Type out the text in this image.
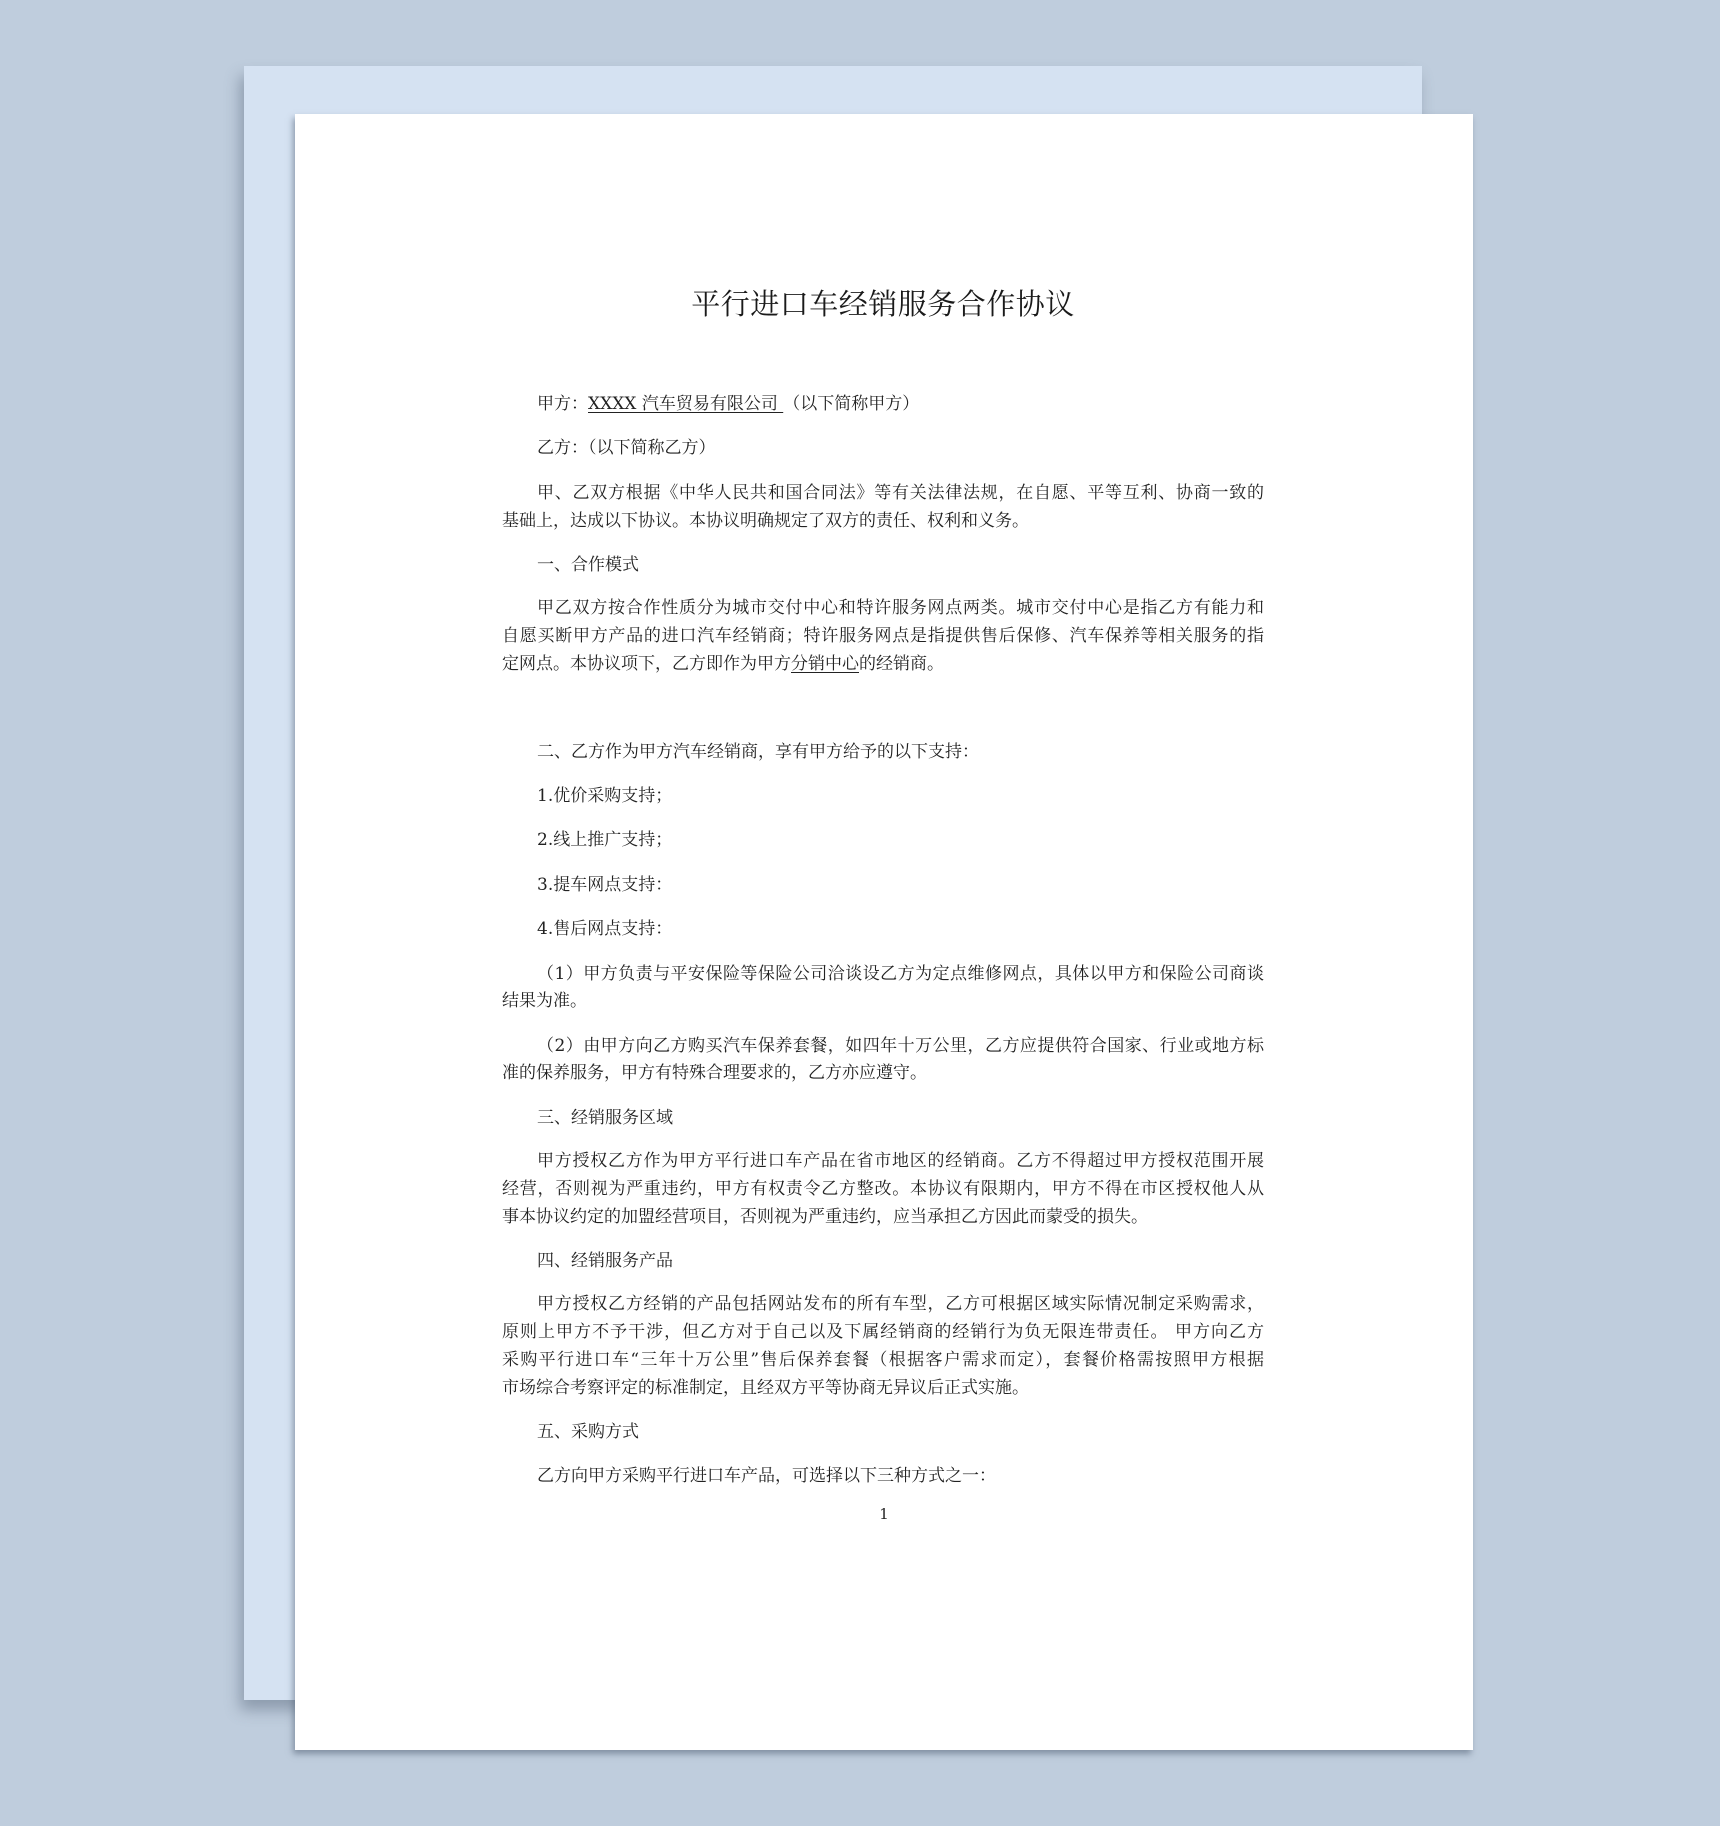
平行进口车经销服务合作协议
甲方：XXXX 汽车贸易有限公司 （以下简称甲方）
乙方：（以下简称乙方）
甲、乙双方根据《中华人民共和国合同法》等有关法律法规，在自愿、平等互利、协商一致的
基础上，达成以下协议。本协议明确规定了双方的责任、权利和义务。
一、合作模式
甲乙双方按合作性质分为城市交付中心和特许服务网点两类。城市交付中心是指乙方有能力和
自愿买断甲方产品的进口汽车经销商；特许服务网点是指提供售后保修、汽车保养等相关服务的指
定网点。本协议项下，乙方即作为甲方分销中心的经销商。
二、乙方作为甲方汽车经销商，享有甲方给予的以下支持：
1.优价采购支持；
2.线上推广支持；
3.提车网点支持：
4.售后网点支持：
（1）甲方负责与平安保险等保险公司洽谈设乙方为定点维修网点，具体以甲方和保险公司商谈
结果为准。
（2）由甲方向乙方购买汽车保养套餐，如四年十万公里，乙方应提供符合国家、行业或地方标
准的保养服务，甲方有特殊合理要求的，乙方亦应遵守。
三、经销服务区域
甲方授权乙方作为甲方平行进口车产品在省市地区的经销商。乙方不得超过甲方授权范围开展
经营，否则视为严重违约，甲方有权责令乙方整改。本协议有限期内，甲方不得在市区授权他人从
事本协议约定的加盟经营项目，否则视为严重违约，应当承担乙方因此而蒙受的损失。
四、经销服务产品
甲方授权乙方经销的产品包括网站发布的所有车型，乙方可根据区域实际情况制定采购需求，
原则上甲方不予干涉，但乙方对于自己以及下属经销商的经销行为负无限连带责任。 甲方向乙方
采购平行进口车“三年十万公里”售后保养套餐（根据客户需求而定），套餐价格需按照甲方根据
市场综合考察评定的标准制定，且经双方平等协商无异议后正式实施。
五、采购方式
乙方向甲方采购平行进口车产品，可选择以下三种方式之一：
1
